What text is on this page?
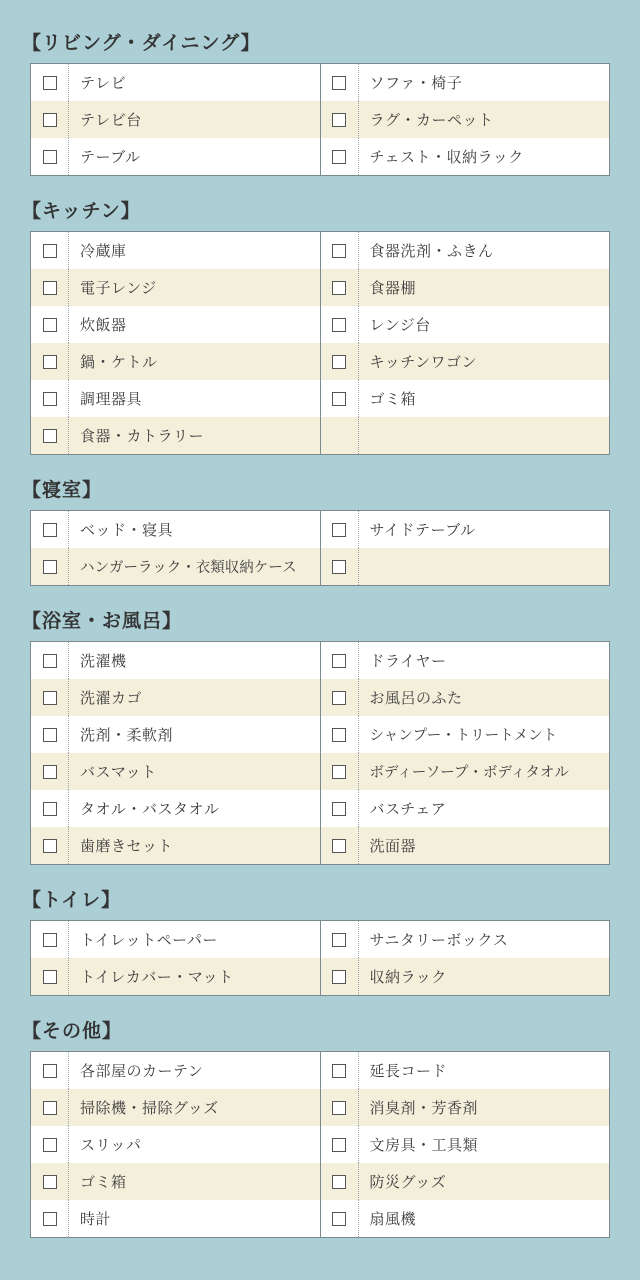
【リビング・ダイニング】
テレビ
テレビ台
テーブル
ソファ・椅子
ラグ・カーペット
チェスト・収納ラック
【キッチン】
冷蔵庫
電子レンジ
炊飯器
鍋・ケトル
調理器具
食器・カトラリー
食器洗剤・ふきん
食器棚
レンジ台
キッチンワゴン
ゴミ箱
【寝室】
ベッド・寝具
ハンガーラック・衣類収納ケース
サイドテーブル
【浴室・お風呂】
洗濯機
洗濯カゴ
洗剤・柔軟剤
バスマット
タオル・バスタオル
歯磨きセット
ドライヤー
お風呂のふた
シャンプー・トリートメント
ボディーソープ・ボディタオル
バスチェア
洗面器
【トイレ】
トイレットペーパー
トイレカバー・マット
サニタリーボックス
収納ラック
【その他】
各部屋のカーテン
掃除機・掃除グッズ
スリッパ
ゴミ箱
時計
延長コード
消臭剤・芳香剤
文房具・工具類
防災グッズ
扇風機
